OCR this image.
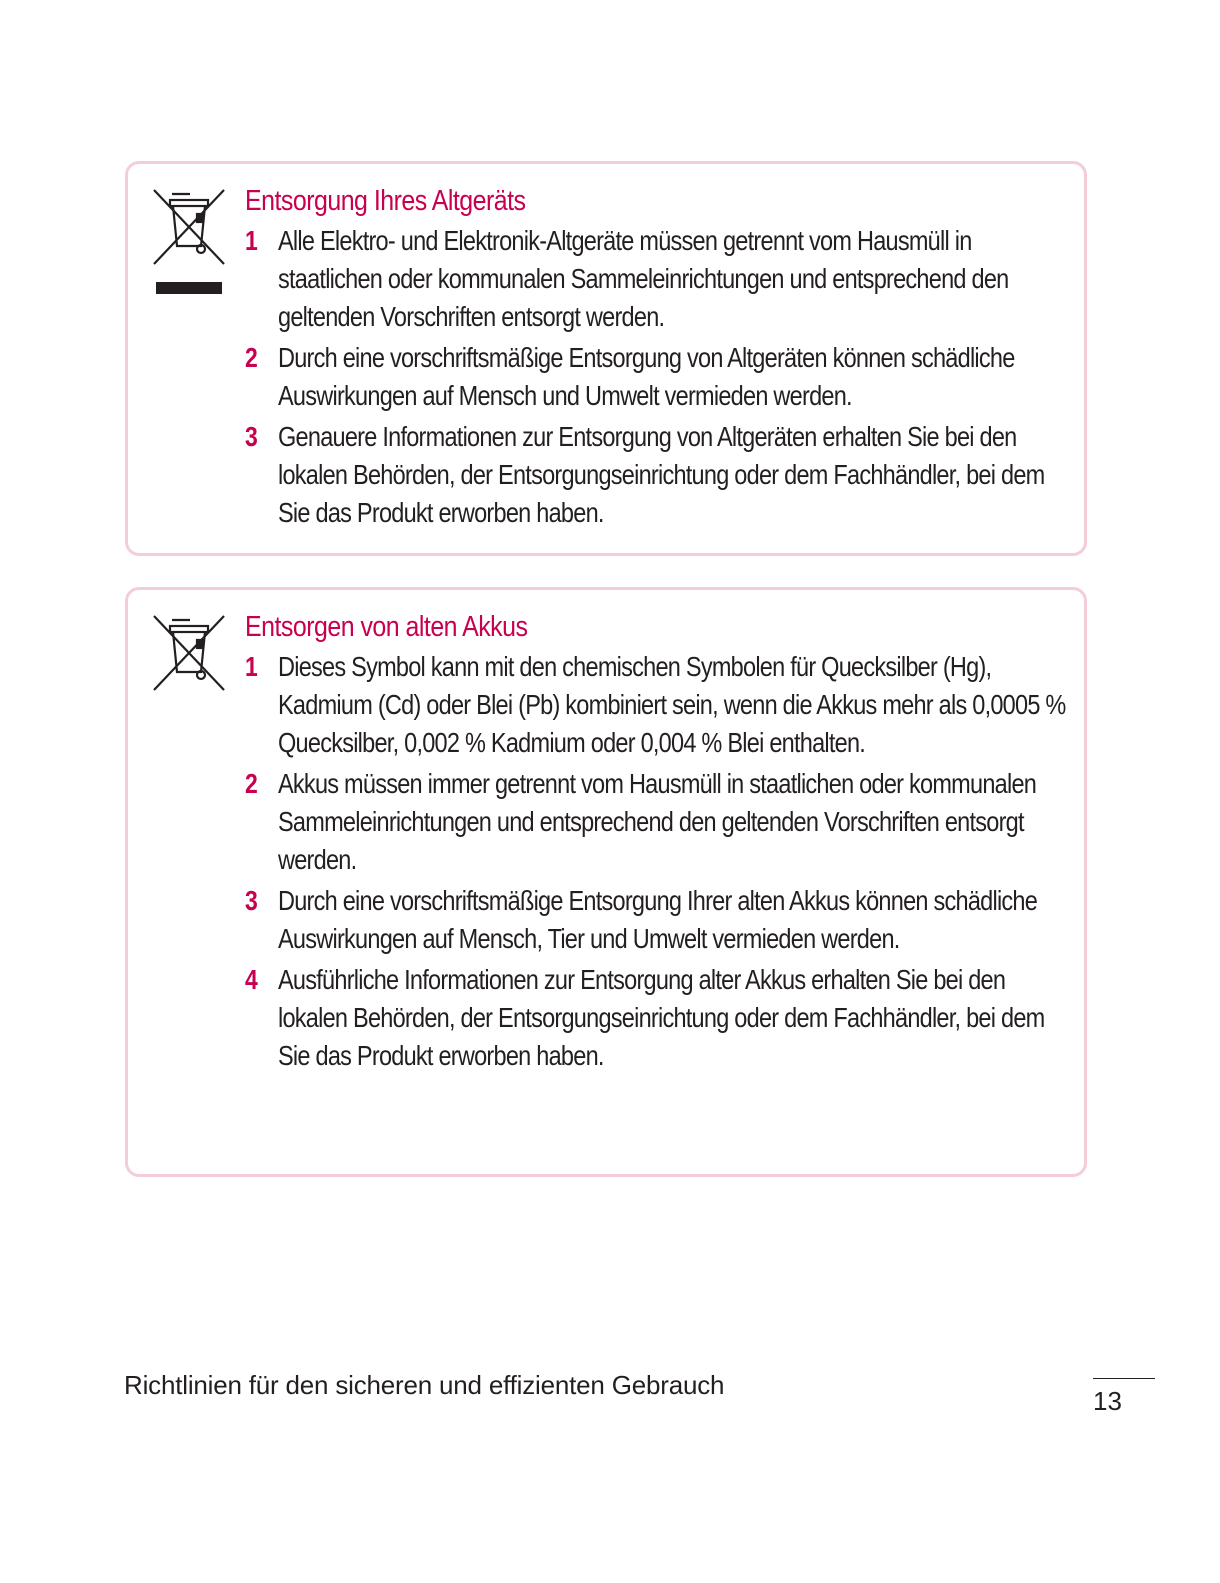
Entsorgung Ihres Altgeräts
1 Alle Elektro- und Elektronik-Altgeräte müssen getrennt vom Hausmüll in staatlichen oder kommunalen Sammeleinrichtungen und entsprechend den geltenden Vorschriften entsorgt werden.
2 Durch eine vorschriftsmäßige Entsorgung von Altgeräten können schädliche Auswirkungen auf Mensch und Umwelt vermieden werden.
3 Genauere Informationen zur Entsorgung von Altgeräten erhalten Sie bei den lokalen Behörden, der Entsorgungseinrichtung oder dem Fachhändler, bei dem Sie das Produkt erworben haben.
Entsorgen von alten Akkus
1 Dieses Symbol kann mit den chemischen Symbolen für Quecksilber (Hg), Kadmium (Cd) oder Blei (Pb) kombiniert sein, wenn die Akkus mehr als 0,0005 % Quecksilber, 0,002 % Kadmium oder 0,004 % Blei enthalten.
2 Akkus müssen immer getrennt vom Hausmüll in staatlichen oder kommunalen Sammeleinrichtungen und entsprechend den geltenden Vorschriften entsorgt werden.
3 Durch eine vorschriftsmäßige Entsorgung Ihrer alten Akkus können schädliche Auswirkungen auf Mensch, Tier und Umwelt vermieden werden.
4 Ausführliche Informationen zur Entsorgung alter Akkus erhalten Sie bei den lokalen Behörden, der Entsorgungseinrichtung oder dem Fachhändler, bei dem Sie das Produkt erworben haben.
Richtlinien für den sicheren und effizienten Gebrauch
13
